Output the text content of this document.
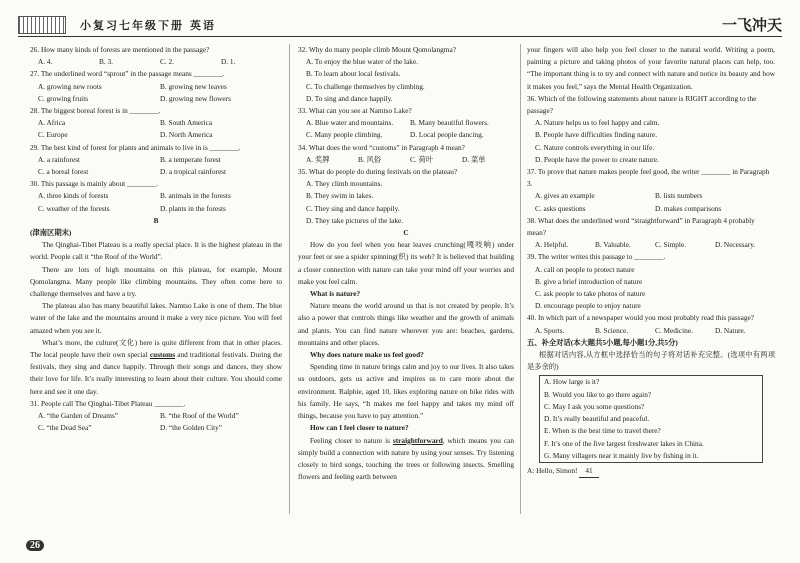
小复习七年级下册 英语	一飞冲天

26. How many kinds of forests are mentioned in the passage?

A. 4.	B. 3.	C. 2.	D. 1.

27. The underlined word “sprout” in the passage means ________.

A. growing new roots	B. growing new leaves
C. growing fruits	D. growing new flowers

28. The biggest boreal forest is in ________.

A. Africa	B. South America
C. Europe	D. North America

29. The best kind of forest for plants and animals to live in is ________.

A. a rainforest	B. a temperate forest
C. a boreal forest	D. a tropical rainforest

30. This passage is mainly about ________.

A. three kinds of forests	B. animals in the forests
C. weather of the forests	D. plants in the forests

B

(津南区期末)

The Qinghai-Tibet Plateau is a really special place. It is the highest plateau in the world. People call it “the Roof of the World”.

There are lots of high mountains on this plateau, for example, Mount Qomolangma. Many people like climbing mountains. They often come here to challenge themselves and have a try.

The plateau also has many beautiful lakes. Namtso Lake is one of them. The blue water of the lake and the mountains around it make a very nice picture. You will feel amazed when you see it.

What’s more, the culture(文化) here is quite different from that in other places. The local people have their own special customs and traditional festivals. During the festivals, they sing and dance happily. Through their songs and dances, they show their love for life. It’s really interesting to learn about their culture. You should come here and see it one day.

31. People call The Qinghai-Tibet Plateau ________.

A. “the Garden of Dreams”	B. “the Roof of the World”
C. “the Dead Sea”	D. “the Golden City”

32. Why do many people climb Mount Qomolangma?

A. To enjoy the blue water of the lake.

B. To learn about local festivals.

C. To challenge themselves by climbing.

D. To sing and dance happily.

33. What can you see at Namtso Lake?

A. Blue water and mountains.	B. Many beautiful flowers.
C. Many people climbing.	D. Local people dancing.

34. What does the word “customs” in Paragraph 4 mean?

A. 奖牌	B. 风俗	C. 荷叶	D. 菜单

35. What do people do during festivals on the plateau?

A. They climb mountains.

B. They swim in lakes.

C. They sing and dance happily.

D. They take pictures of the lake.

C

How do you feel when you hear leaves crunching(嘎吱响) under your feet or see a spider spinning(织) its web? It is believed that building a closer connection with nature can take your mind off your worries and make you feel calm.

What is nature?

Nature means the world around us that is not created by people. It’s also a power that controls things like weather and the growth of animals and plants. You can find nature wherever you are: beaches, gardens, mountains and other places.

Why does nature make us feel good?

Spending time in nature brings calm and joy to our lives. It also takes us outdoors, gets us active and inspires us to care more about the environment. Ralphie, aged 10, likes exploring nature on bike rides with his family. He says, “It makes me feel happy and takes my mind off things, because you have to pay attention.”

How can I feel closer to nature?

Feeling closer to nature is straightforward, which means you can simply build a connection with nature by using your senses. Try listening closely to bird songs, touching the trees or following insects. Smelling flowers and feeling earth between

your fingers will also help you feel closer to the natural world. Writing a poem, painting a picture and taking photos of your favorite natural places can help, too. “The important thing is to try and connect with nature and notice its beauty and how it makes you feel,” says the Mental Health Organization.

36. Which of the following statements about nature is RIGHT according to the passage?

A. Nature helps us to feel happy and calm.

B. People have difficulties finding nature.

C. Nature controls everything in our life.

D. People have the power to create nature.

37. To prove that nature makes people feel good, the writer ________ in Paragraph 3.

A. gives an example	B. lists numbers
C. asks questions	D. makes comparisons

38. What does the underlined word “straightforward” in Paragraph 4 probably mean?

A. Helpful.	B. Valuable.	C. Simple.	D. Necessary.

39. The writer writes this passage to ________.

A. call on people to protect nature

B. give a brief introduction of nature

C. ask people to take photos of nature

D. encourage people to enjoy nature

40. In which part of a newspaper would you most probably read this passage?

A. Sports.	B. Science.	C. Medicine.	D. Nature.

五、补全对话(本大题共5小题,每小题1分,共5分)

根据对话内容,从方框中选择恰当的句子将对话补充完整。(选项中有两项是多余的)

A. How large is it?

B. Would you like to go there again?

C. May I ask you some questions?

D. It’s really beautiful and peaceful.

E. When is the best time to travel there?

F. It’s one of the five largest freshwater lakes in China.

G. Many villagers near it mainly live by fishing in it.

A: Hello, Simon! 41

26
